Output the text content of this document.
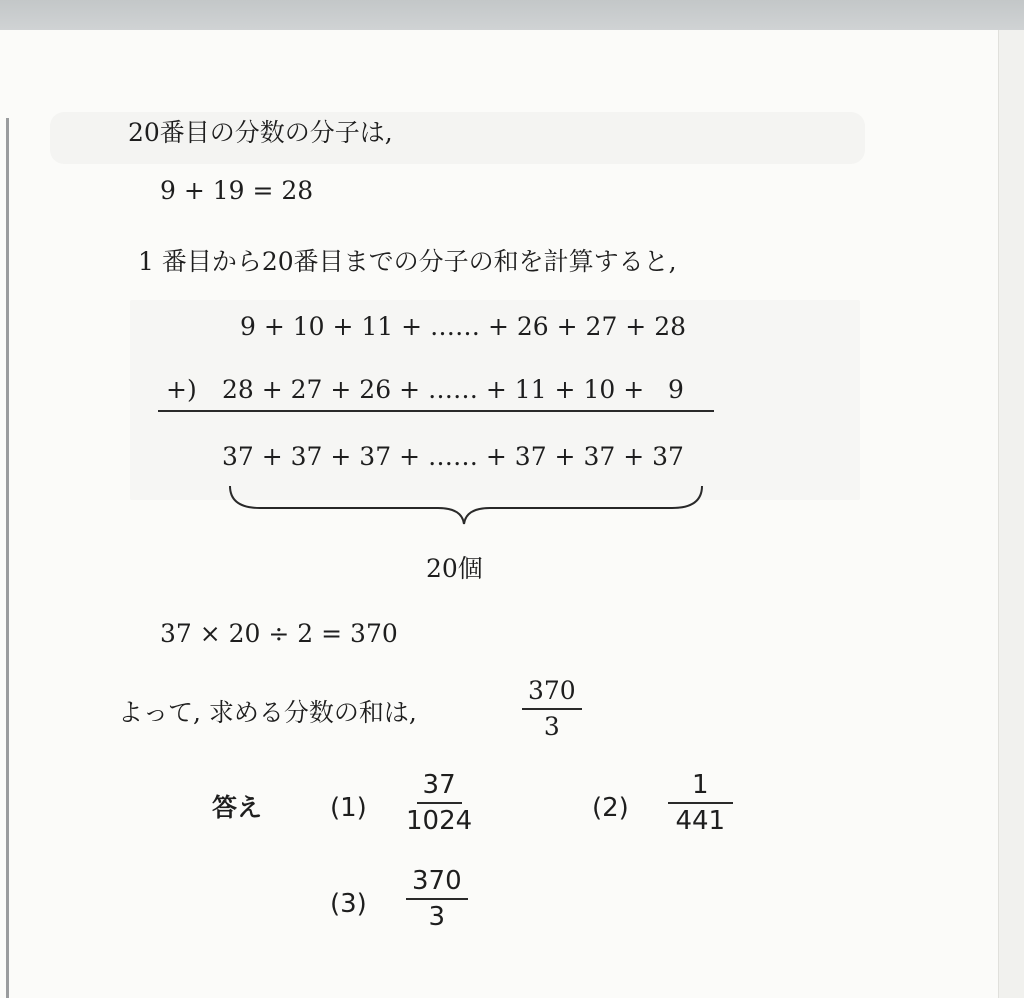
20番目の分数の分子は,
9 + 19 = 28
1 番目から20番目までの分子の和を計算すると,
9 + 10 + 11 + …… + 26 + 27 + 28
+) 28 + 27 + 26 + …… + 11 + 10 +   9
37 + 37 + 37 + …… + 37 + 37 + 37
20個
37 × 20 ÷ 2 = 370
よって, 求める分数の和は,	$\frac{370}{3}$
答え	$(1) \frac{37}{1024}$	$(2) \frac{1}{441}$
$(3) \frac{370}{3}$
